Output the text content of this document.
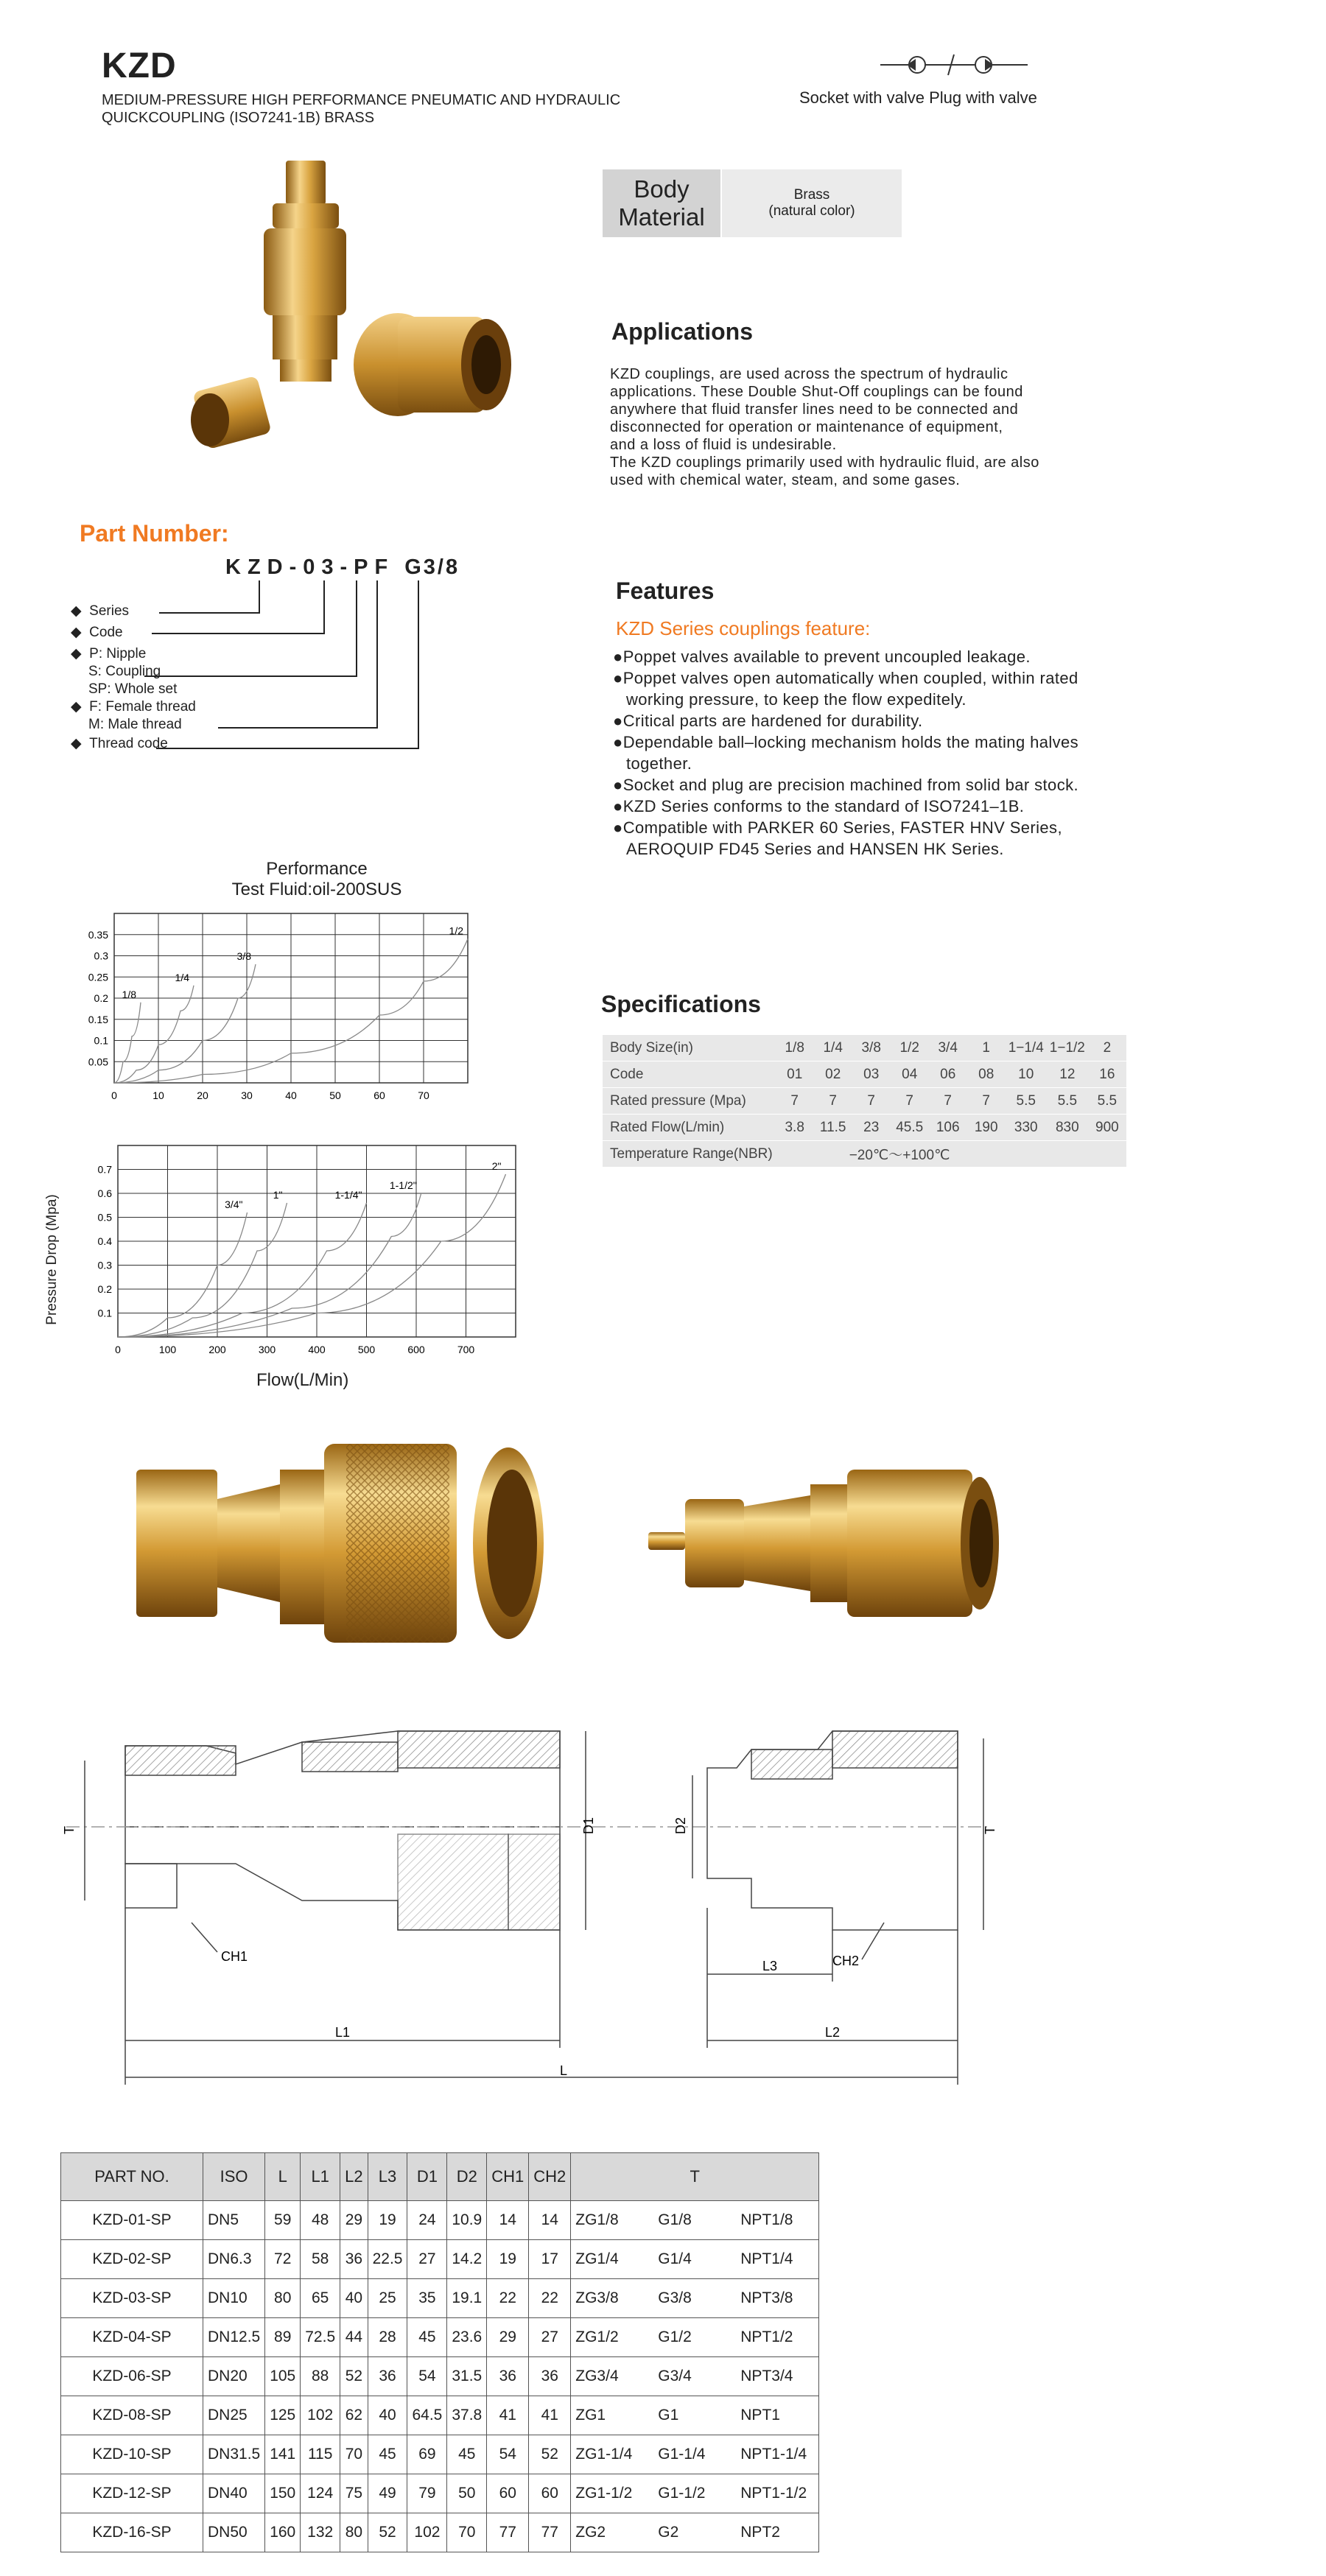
KZD
MEDIUM-PRESSURE HIGH PERFORMANCE PNEUMATIC AND HYDRAULIC
QUICKCOUPLING (ISO7241-1B) BRASS
Socket with valve Plug with valve
Body
Material
Brass
(natural color)
Applications
KZD couplings, are used across the spectrum of hydraulic
applications. These Double Shut-Off couplings can be found
anywhere that fluid transfer lines need to be connected and
disconnected for operation or maintenance of equipment,
and a loss of fluid is undesirable.
The KZD couplings primarily used with hydraulic fluid, are also
used with chemical water, steam, and some gases.
Part Number:
KZD-03-PF G3/8
◆  Series
◆  Code
◆  P: Nipple
S: Coupling
SP: Whole set
◆  F: Female thread
M: Male thread
◆  Thread code
Features
KZD Series couplings feature:
●Poppet valves available to prevent uncoupled leakage.
●Poppet valves open automatically when coupled, within rated working pressure, to keep the flow expeditely.
●Critical parts are hardened for durability.
●Dependable ball–locking mechanism holds the mating halves together.
●Socket and plug are precision machined from solid bar stock.
●KZD Series conforms to the standard of ISO7241–1B.
●Compatible with PARKER 60 Series, FASTER HNV Series, AEROQUIP FD45 Series and HANSEN HK Series.
Specifications
Body Size(in)	1/8	1/4	3/8	1/2	3/4	1	1−1/4	1−1/2	2
Code	01	02	03	04	06	08	10	12	16
Rated pressure (Mpa)	7	7	7	7	7	7	5.5	5.5	5.5
Rated Flow(L/min)	3.8	11.5	23	45.5	106	190	330	830	900
Temperature Range(NBR)	−20℃～+100℃								
Performance
Test Fluid:oil-200SUS
Pressure Drop (Mpa)
0	10	20	30	40	50	60	70
0.05
0.1
0.15
0.2
0.25
0.3
0.35
1/8
1/4
3/8
1/2
0	100	200	300	400	500	600	700
0.1
0.2
0.3
0.4
0.5
0.6
0.7
3/4"
1"	1-1/4"
1-1/2"
2"
Flow(L/Min)
T	D1	D2	T
L1	L2
L
L3
CH1	CH2
PART NO.	ISO	L	L1	L2	L3	D1	D2	CH1	CH2	T		
KZD-01-SP	DN5	59	48	29	19	24	10.9	14	14	ZG1/8	G1/8	NPT1/8
KZD-02-SP	DN6.3	72	58	36	22.5	27	14.2	19	17	ZG1/4	G1/4	NPT1/4
KZD-03-SP	DN10	80	65	40	25	35	19.1	22	22	ZG3/8	G3/8	NPT3/8
KZD-04-SP	DN12.5	89	72.5	44	28	45	23.6	29	27	ZG1/2	G1/2	NPT1/2
KZD-06-SP	DN20	105	88	52	36	54	31.5	36	36	ZG3/4	G3/4	NPT3/4
KZD-08-SP	DN25	125	102	62	40	64.5	37.8	41	41	ZG1	G1	NPT1
KZD-10-SP	DN31.5	141	115	70	45	69	45	54	52	ZG1-1/4	G1-1/4	NPT1-1/4
KZD-12-SP	DN40	150	124	75	49	79	50	60	60	ZG1-1/2	G1-1/2	NPT1-1/2
KZD-16-SP	DN50	160	132	80	52	102	70	77	77	ZG2	G2	NPT2
